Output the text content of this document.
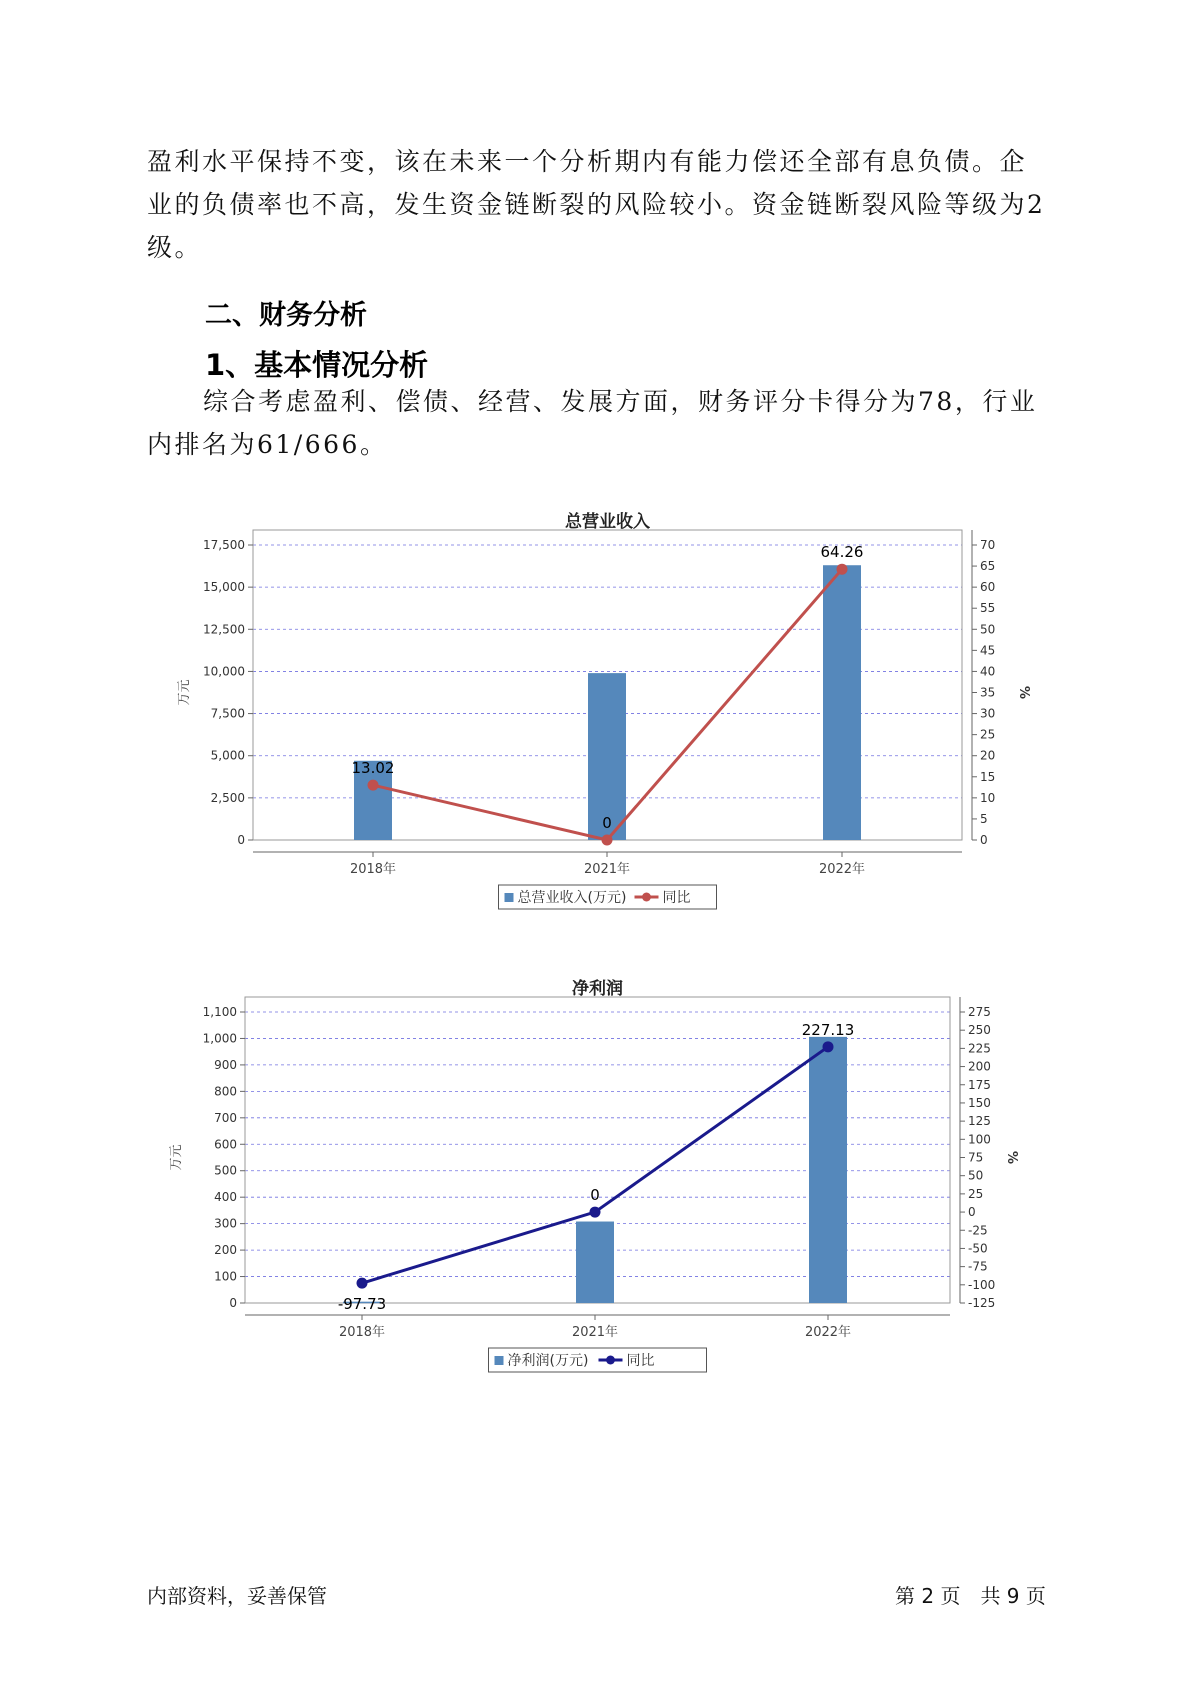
盈利水平保持不变，该在未来一个分析期内有能力偿还全部有息负债。企业的负债率也不高，发生资金链断裂的风险较小。资金链断裂风险等级为2级。

二、财务分析
1、基本情况分析

综合考虑盈利、偿债、经营、发展方面，财务评分卡得分为78，行业内排名为61/666。

总营业收入
0
2,500
5,000
7,500
10,000
12,500
15,000
17,500
万元
0
5
10
15
20
25
30
35
40
45
50
55
60
65
70
%
2018年	2021年	2022年
13.02
0
64.26
总营业收入(万元)	同比
净利润
0
100
200
300
400
500
600
700
800
900
1,000
1,100
万元
-125
-100
-75
-50
-25
0
25
50
75
100
125
150
175
200
225
250
275
%
2018年	2021年	2022年
-97.73
0
227.13
净利润(万元)	同比
内部资料，妥善保管	第 2 页　共 9 页
